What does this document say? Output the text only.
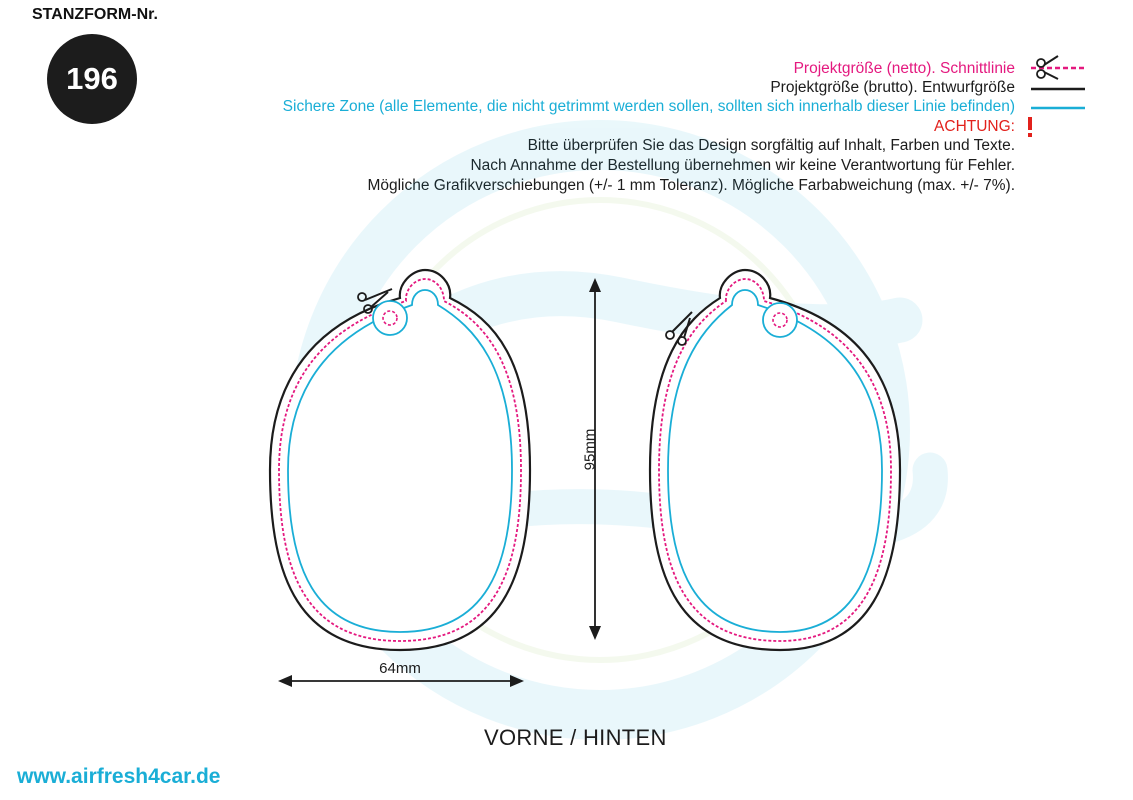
STANZFORM-Nr.
196	Projektgröße (netto). Schnittlinie
Projektgröße (brutto). Entwurfgröße
Sichere Zone (alle Elemente, die nicht getrimmt werden sollen, sollten sich innerhalb dieser Linie befinden)
ACHTUNG:
Bitte überprüfen Sie das Design sorgfältig auf Inhalt, Farben und Texte.
Nach Annahme der Bestellung übernehmen wir keine Verantwortung für Fehler.
Mögliche Grafikverschiebungen (+/- 1 mm Toleranz). Mögliche Farbabweichung (max. +/- 7%).
95mm
64mm
VORNE / HINTEN
www.airfresh4car.de
